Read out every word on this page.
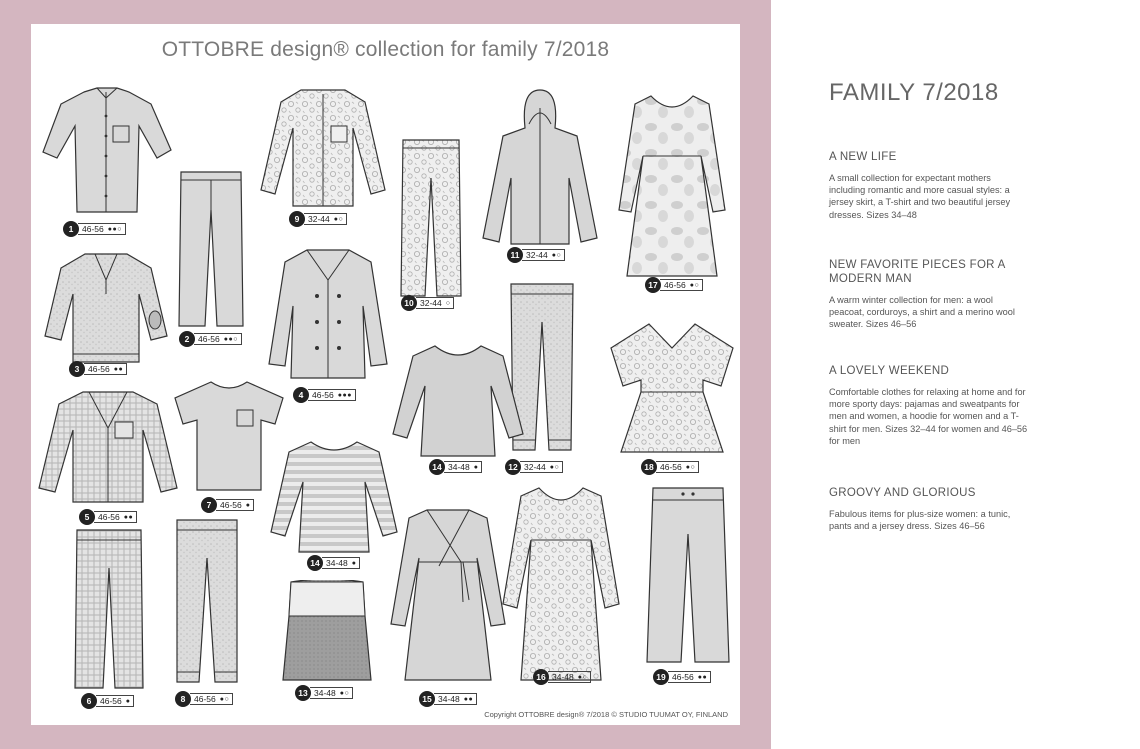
OTTOBRE design® collection for family 7/2018
1	46-56 ●●○
2	46-56 ●●○
3	46-56 ●●
4	46-56 ●●●
5	46-56 ●●
6	46-56 ●
7	46-56 ●
8	46-56 ●○
9	32-44 ●○
10 32-44 ○
11 32-44 ●○
12 32-44 ●○
13 34-48 ●○
14 34-48 ●
14 34-48 ●
15 34-48 ●●
16 34-48 ●○
17 46-56 ●○
18 46-56 ●○
19 46-56 ●●
Copyright OTTOBRE design® 7/2018 © STUDIO TUUMAT OY, FINLAND
FAMILY 7/2018
A NEW LIFE

A small collection for expectant mothers including romantic and more casual styles: a jersey skirt, a T-shirt and two beautiful jersey dresses. Sizes 34–48

NEW FAVORITE PIECES FOR A MODERN MAN

A warm winter collection for men: a wool peacoat, corduroys, a shirt and a merino wool sweater. Sizes 46–56

A LOVELY WEEKEND

Comfortable clothes for relaxing at home and for more sporty days: pajamas and sweatpants for men and women, a hoodie for women and a T-shirt for men. Sizes 32–44 for women and 46–56 for men

GROOVY AND GLORIOUS

Fabulous items for plus-size women: a tunic, pants and a jersey dress. Sizes 46–56
